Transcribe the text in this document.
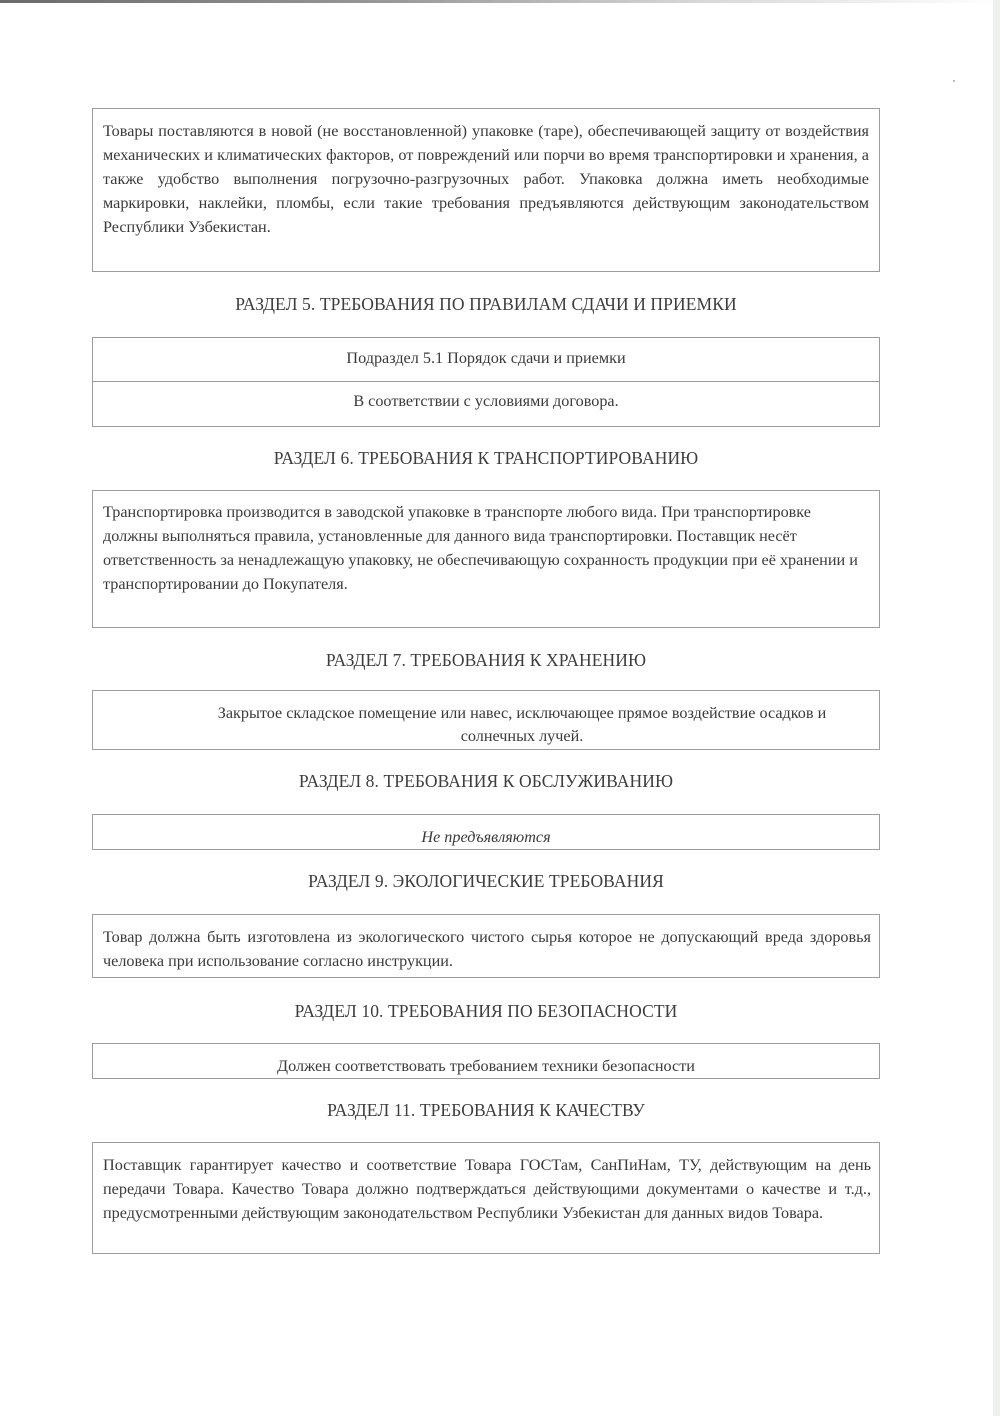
Товары поставляются в новой (не восстановленной) упаковке (таре), обеспечивающей защиту от воздействия механических и климатических факторов, от повреждений или порчи во время транспортировки и хранения, а также удобство выполнения погрузочно-разгрузочных работ. Упаковка должна иметь необходимые маркировки, наклейки, пломбы, если такие требования предъявляются действующим законодательством Республики Узбекистан.

РАЗДЕЛ 5. ТРЕБОВАНИЯ ПО ПРАВИЛАМ СДАЧИ И ПРИЕМКИ
Подраздел 5.1 Порядок сдачи и приемки
В соответствии с условиями договора.
РАЗДЕЛ 6. ТРЕБОВАНИЯ К ТРАНСПОРТИРОВАНИЮ

Транспортировка производится в заводской упаковке в транспорте любого вида. При транспортировке должны выполняться правила, установленные для данного вида транспортировки. Поставщик несёт ответственность за ненадлежащую упаковку, не обеспечивающую сохранность продукции при её хранении и транспортировании до Покупателя.

РАЗДЕЛ 7. ТРЕБОВАНИЯ К ХРАНЕНИЮ

Закрытое складское помещение или навес, исключающее прямое воздействие осадков и солнечных лучей.

РАЗДЕЛ 8. ТРЕБОВАНИЯ К ОБСЛУЖИВАНИЮ

Не предъявляются

РАЗДЕЛ 9. ЭКОЛОГИЧЕСКИЕ ТРЕБОВАНИЯ

Товар должна быть изготовлена из экологического чистого сырья которое не допускающий вреда здоровья человека при использование согласно инструкции.

РАЗДЕЛ 10. ТРЕБОВАНИЯ ПО БЕЗОПАСНОСТИ

Должен соответствовать требованием техники безопасности

РАЗДЕЛ 11. ТРЕБОВАНИЯ К КАЧЕСТВУ

Поставщик гарантирует качество и соответствие Товара ГОСТам, СанПиНам, ТУ, действующим на день передачи Товара. Качество Товара должно подтверждаться действующими документами о качестве и т.д., предусмотренными действующим законодательством Республики Узбекистан для данных видов Товара.
